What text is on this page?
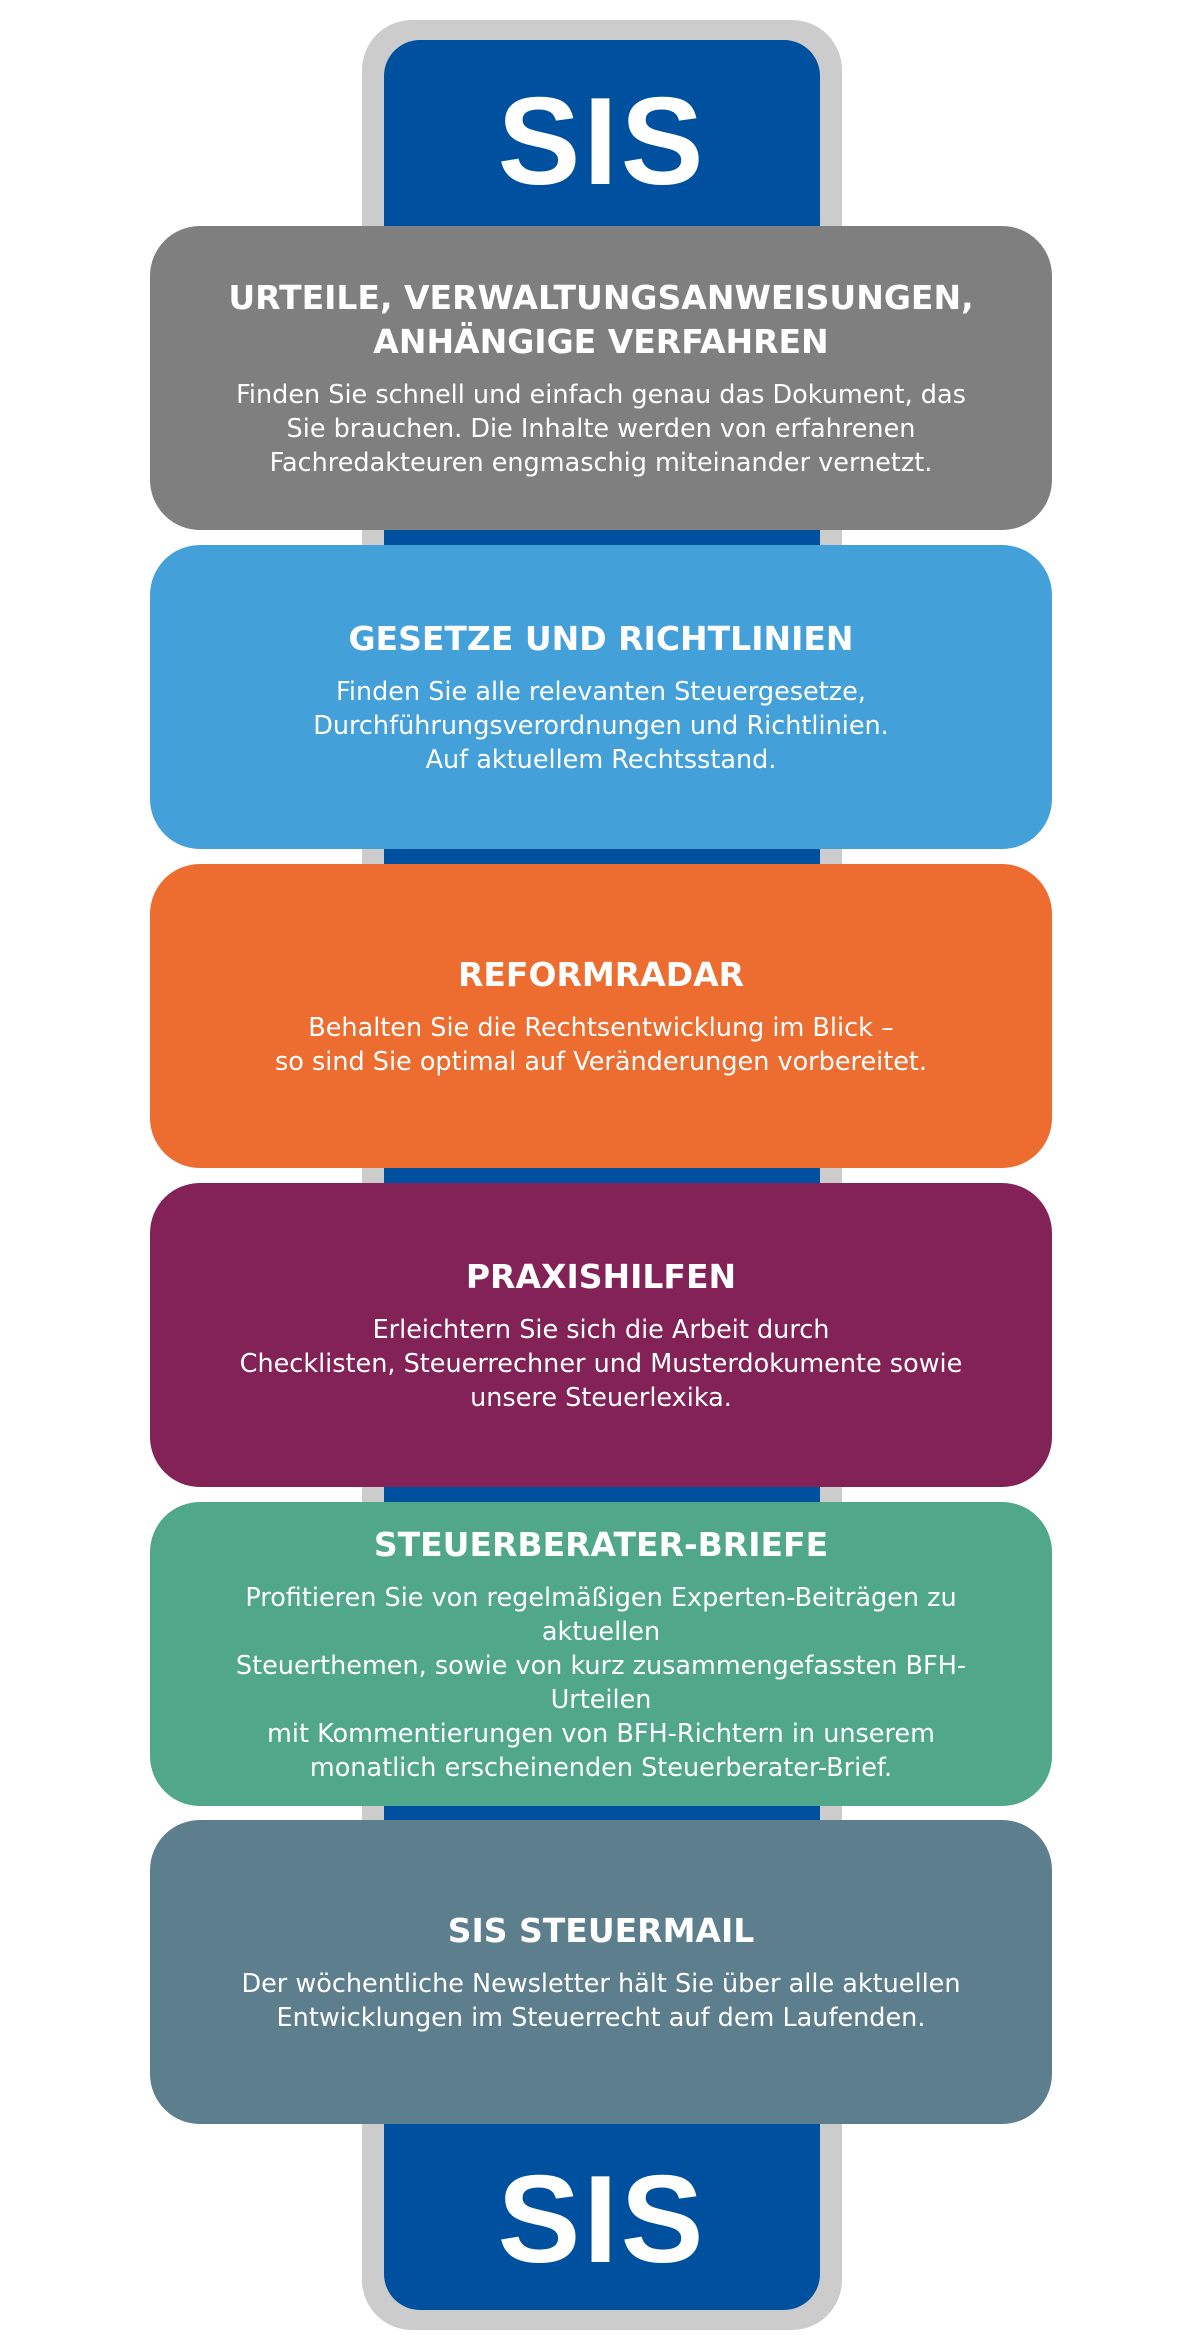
SIS

URTEILE, VERWALTUNGSANWEISUNGEN,
ANHÄNGIGE VERFAHREN

Finden Sie schnell und einfach genau das Dokument, das
Sie brauchen. Die Inhalte werden von erfahrenen
Fachredakteuren engmaschig miteinander vernetzt.

GESETZE UND RICHTLINIEN

Finden Sie alle relevanten Steuergesetze,
Durchführungsverordnungen und Richtlinien.
Auf aktuellem Rechtsstand.

REFORMRADAR

Behalten Sie die Rechtsentwicklung im Blick –
so sind Sie optimal auf Veränderungen vorbereitet.

PRAXISHILFEN

Erleichtern Sie sich die Arbeit durch
Checklisten, Steuerrechner und Musterdokumente sowie
unsere Steuerlexika.

STEUERBERATER-BRIEFE

Profitieren Sie von regelmäßigen Experten-Beiträgen zu aktuellen
Steuerthemen, sowie von kurz zusammengefassten BFH-Urteilen
mit Kommentierungen von BFH-Richtern in unserem
monatlich erscheinenden Steuerberater-Brief.

SIS STEUERMAIL

Der wöchentliche Newsletter hält Sie über alle aktuellen
Entwicklungen im Steuerrecht auf dem Laufenden.

SIS
